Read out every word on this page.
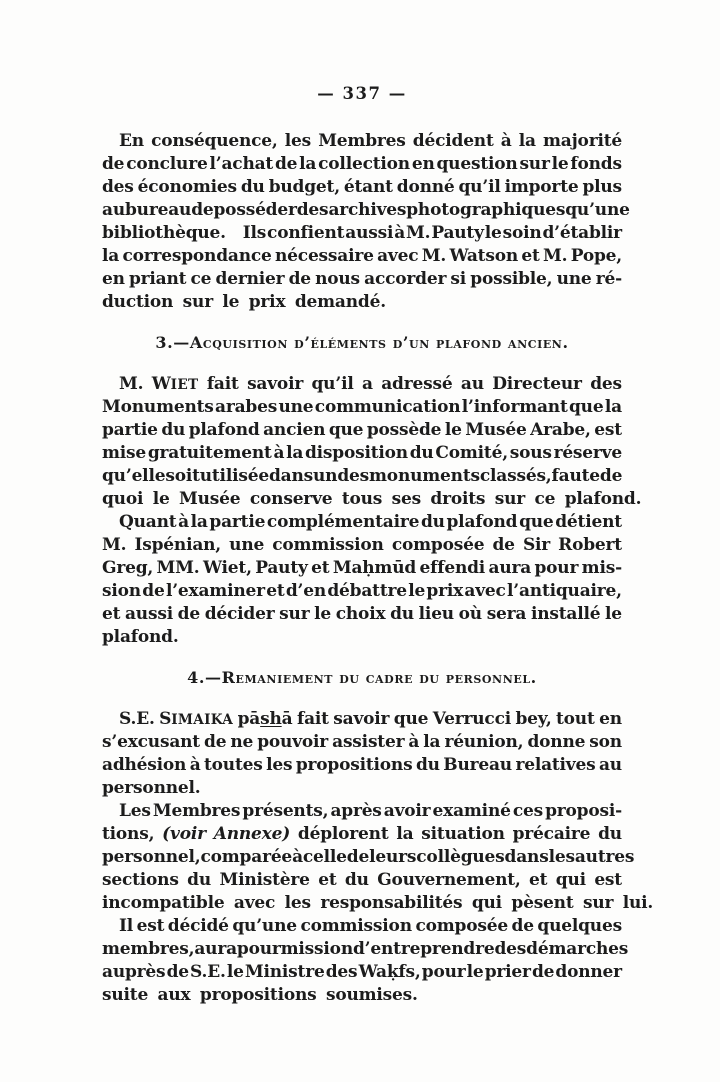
— 337 —
En conséquence, les Membres décident à la majorité
de conclure l’achat de la collection en question sur le fonds
des économies du budget, étant donné qu’il importe plus
au bureau de posséder des archives photographiques qu’une
bibliothèque. Ils confient aussi à M. Pauty le soin d’établir
la correspondance nécessaire avec M. Watson et M. Pope,
en priant ce dernier de nous accorder si possible, une ré-
duction sur le prix demandé.
3.—Acquisition d’éléments d’un plafond ancien.
M. WIET fait savoir qu’il a adressé au Directeur des
Monuments arabes une communication l’informant que la
partie du plafond ancien que possède le Musée Arabe, est
mise gratuitement à la disposition du Comité, sous réserve
qu’elle soit utilisée dans un des monuments classés, faute de
quoi le Musée conserve tous ses droits sur ce plafond.
Quant à la partie complémentaire du plafond que détient
M. Ispénian, une commission composée de Sir Robert
Greg, MM. Wiet, Pauty et Maḥmūd effendi aura pour mis-
sion de l’examiner et d’en débattre le prix avec l’antiquaire,
et aussi de décider sur le choix du lieu où sera installé le
plafond.
4.—Remaniement du cadre du personnel.
S.E. SIMAIKA pāshā fait savoir que Verrucci bey, tout en
s’excusant de ne pouvoir assister à la réunion, donne son
adhésion à toutes les propositions du Bureau relatives au
personnel.
Les Membres présents, après avoir examiné ces proposi-
tions, (voir Annexe) déplorent la situation précaire du
personnel, comparée à celle de leurs collègues dans les autres
sections du Ministère et du Gouvernement, et qui est
incompatible avec les responsabilités qui pèsent sur lui.
Il est décidé qu’une commission composée de quelques
membres, aura pour mission d’entreprendre des démarches
auprès de S.E. le Ministre des Waḳfs, pour le prier de donner
suite aux propositions soumises.
